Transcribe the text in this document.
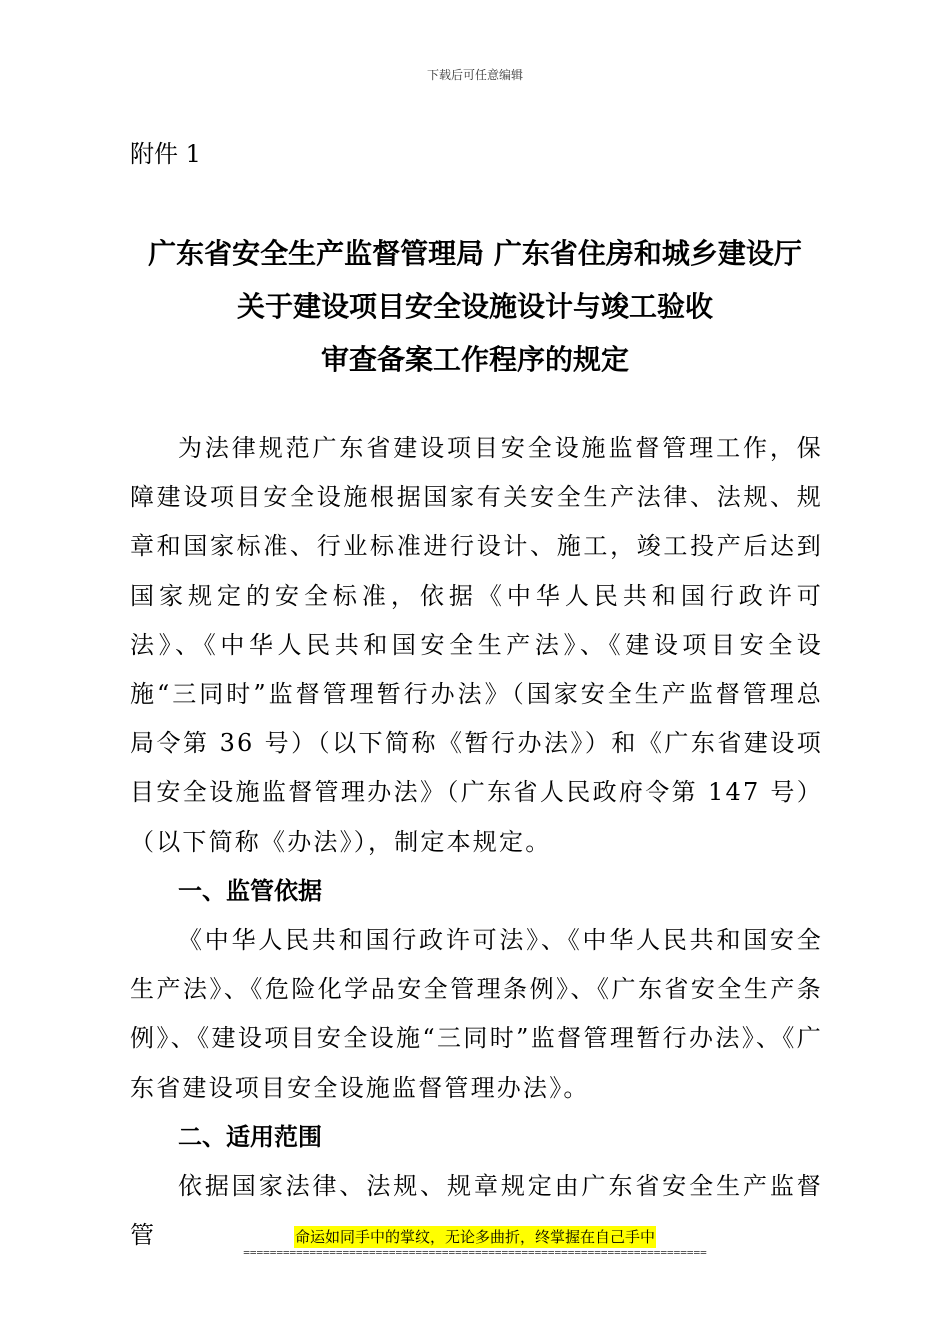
下载后可任意编辑
附件 1
广东省安全生产监督管理局 广东省住房和城乡建设厅
关于建设项目安全设施设计与竣工验收
审查备案工作程序的规定

为法律规范广东省建设项目安全设施监督管理工作，保障建设项目安全设施根据国家有关安全生产法律、法规、规章和国家标准、行业标准进行设计、施工，竣工投产后达到国家规定的安全标准，依据《中华人民共和国行政许可法》、《中华人民共和国安全生产法》、《建设项目安全设施“三同时”监督管理暂行办法》（国家安全生产监督管理总局令第 36 号）（以下简称《暂行办法》）和《广东省建设项目安全设施监督管理办法》（广东省人民政府令第 147 号）（以下简称《办法》），制定本规定。

一、监管依据

《中华人民共和国行政许可法》、《中华人民共和国安全生产法》、《危险化学品安全管理条例》、《广东省安全生产条例》、《建设项目安全设施“三同时”监督管理暂行办法》、《广东省建设项目安全设施监督管理办法》。

二、适用范围

依据国家法律、法规、规章规定由广东省安全生产监督管	命运如同手中的掌纹，无论多曲折，终掌握在自己手中
======================================================================
